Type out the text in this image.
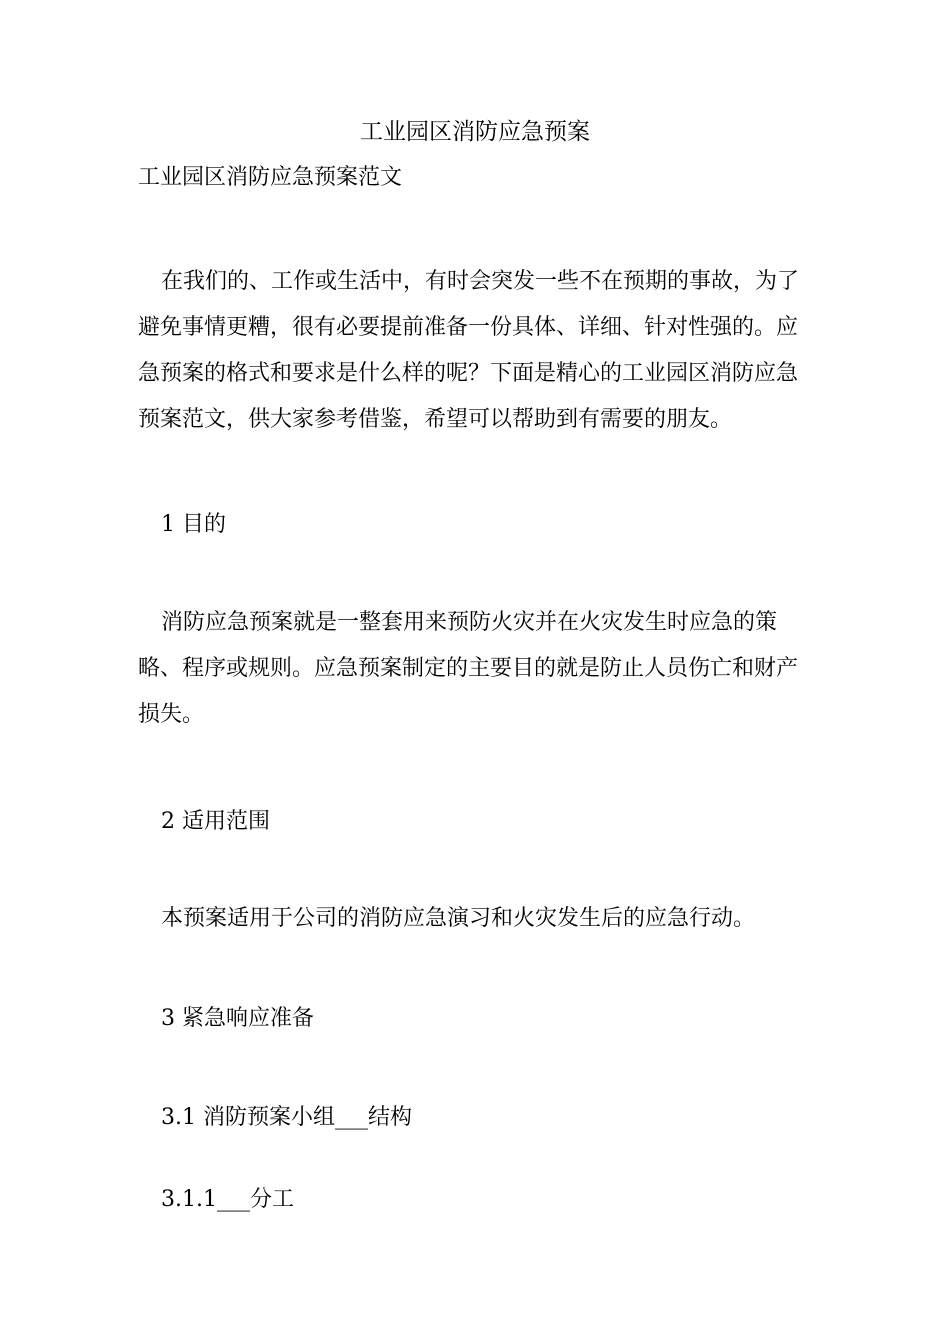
工业园区消防应急预案
工业园区消防应急预案范文

在我们的、工作或生活中，有时会突发一些不在预期的事故，为了避免事情更糟，很有必要提前准备一份具体、详细、针对性强的。应急预案的格式和要求是什么样的呢？下面是精心的工业园区消防应急预案范文，供大家参考借鉴，希望可以帮助到有需要的朋友。

1 目的

消防应急预案就是一整套用来预防火灾并在火灾发生时应急的策略、程序或规则。应急预案制定的主要目的就是防止人员伤亡和财产损失。

2 适用范围

本预案适用于公司的消防应急演习和火灾发生后的应急行动。

3 紧急响应准备
3.1 消防预案小组___结构
3.1.1___分工
